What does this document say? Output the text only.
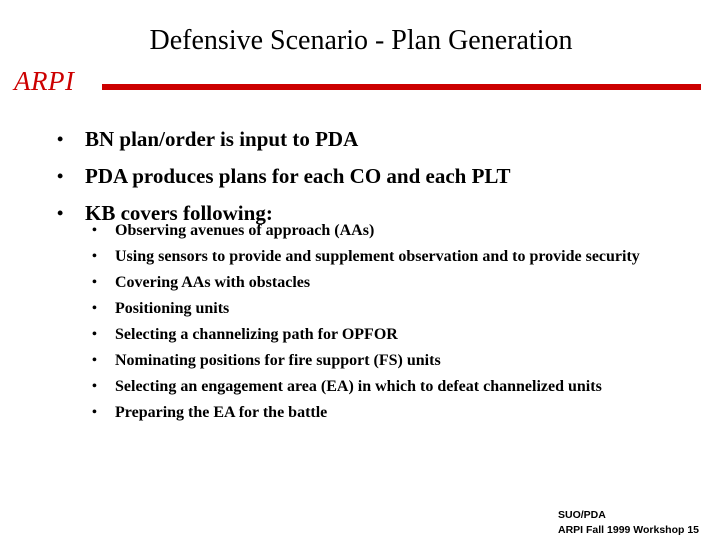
Defensive Scenario - Plan Generation
ARPI
• BN plan/order is input to PDA
• PDA produces plans for each CO and each PLT
• KB covers following:
• Observing avenues of approach (AAs)
• Using sensors to provide and supplement observation and to provide security
• Covering AAs with obstacles
• Positioning units
• Selecting a channelizing path for OPFOR
• Nominating positions for fire support (FS) units
• Selecting an engagement area (EA) in which to defeat channelized units
• Preparing the EA for the battle
SUO/PDA
ARPI Fall 1999 Workshop 15
